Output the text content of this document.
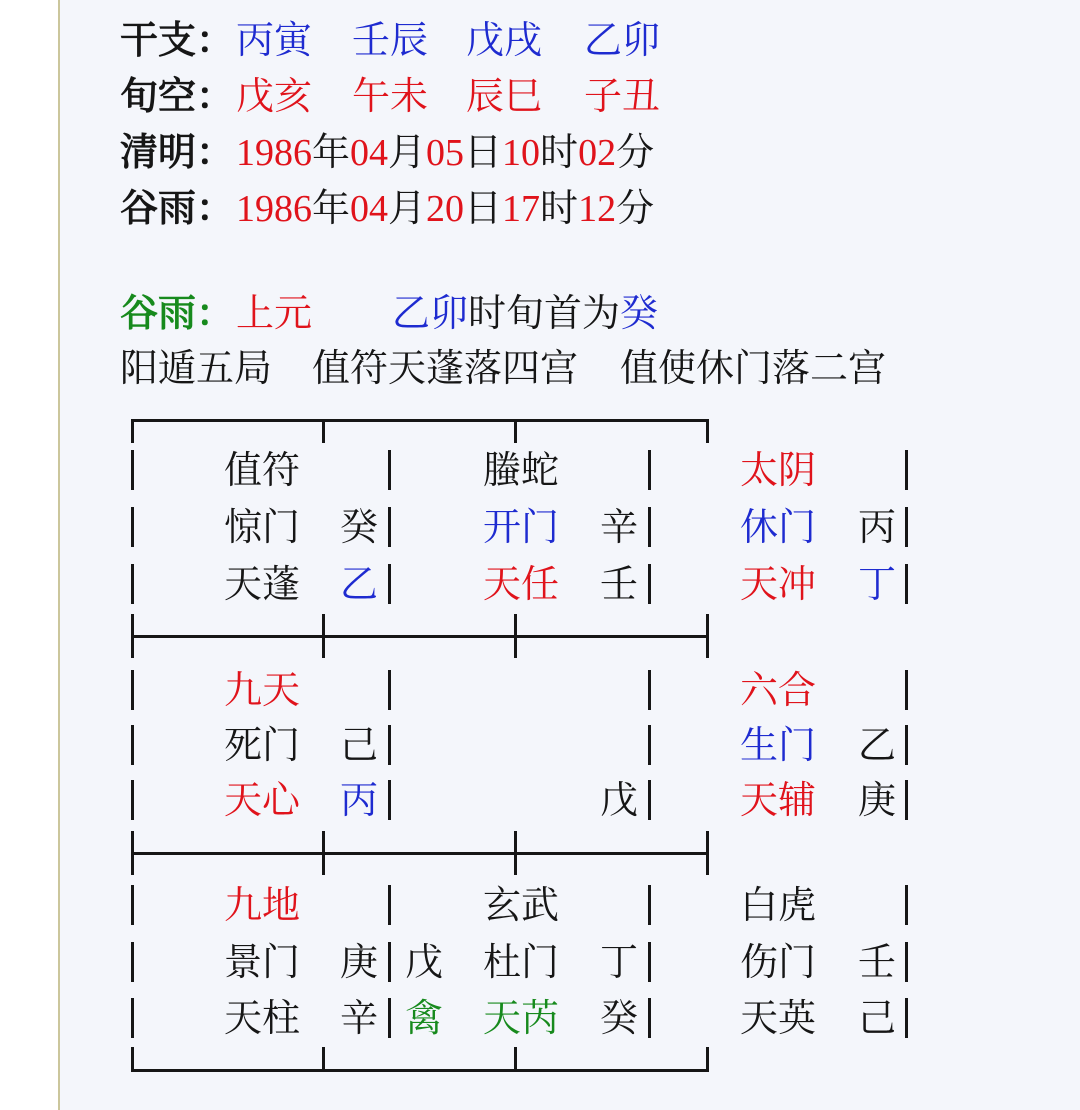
干支： 丙寅 壬辰 戊戌 乙卯
旬空： 戊亥 午未 辰巳 子丑
清明： 1986年04月05日10时02分
谷雨： 1986年04月20日17时12分
谷雨： 上元 乙卯时旬首为癸
阳遁五局 值符天蓬落四宫 值使休门落二宫
值符
惊门 癸
天蓬 乙
螣蛇
开门 辛
天任 壬
太阴
休门 丙
天冲 丁
九天
死门 己
天心 丙	戊
六合
生门 乙
天辅 庚
九地
景门 庚
天柱 辛
玄武
戊 杜门 丁
禽 天芮 癸
白虎
伤门 壬
天英 己
